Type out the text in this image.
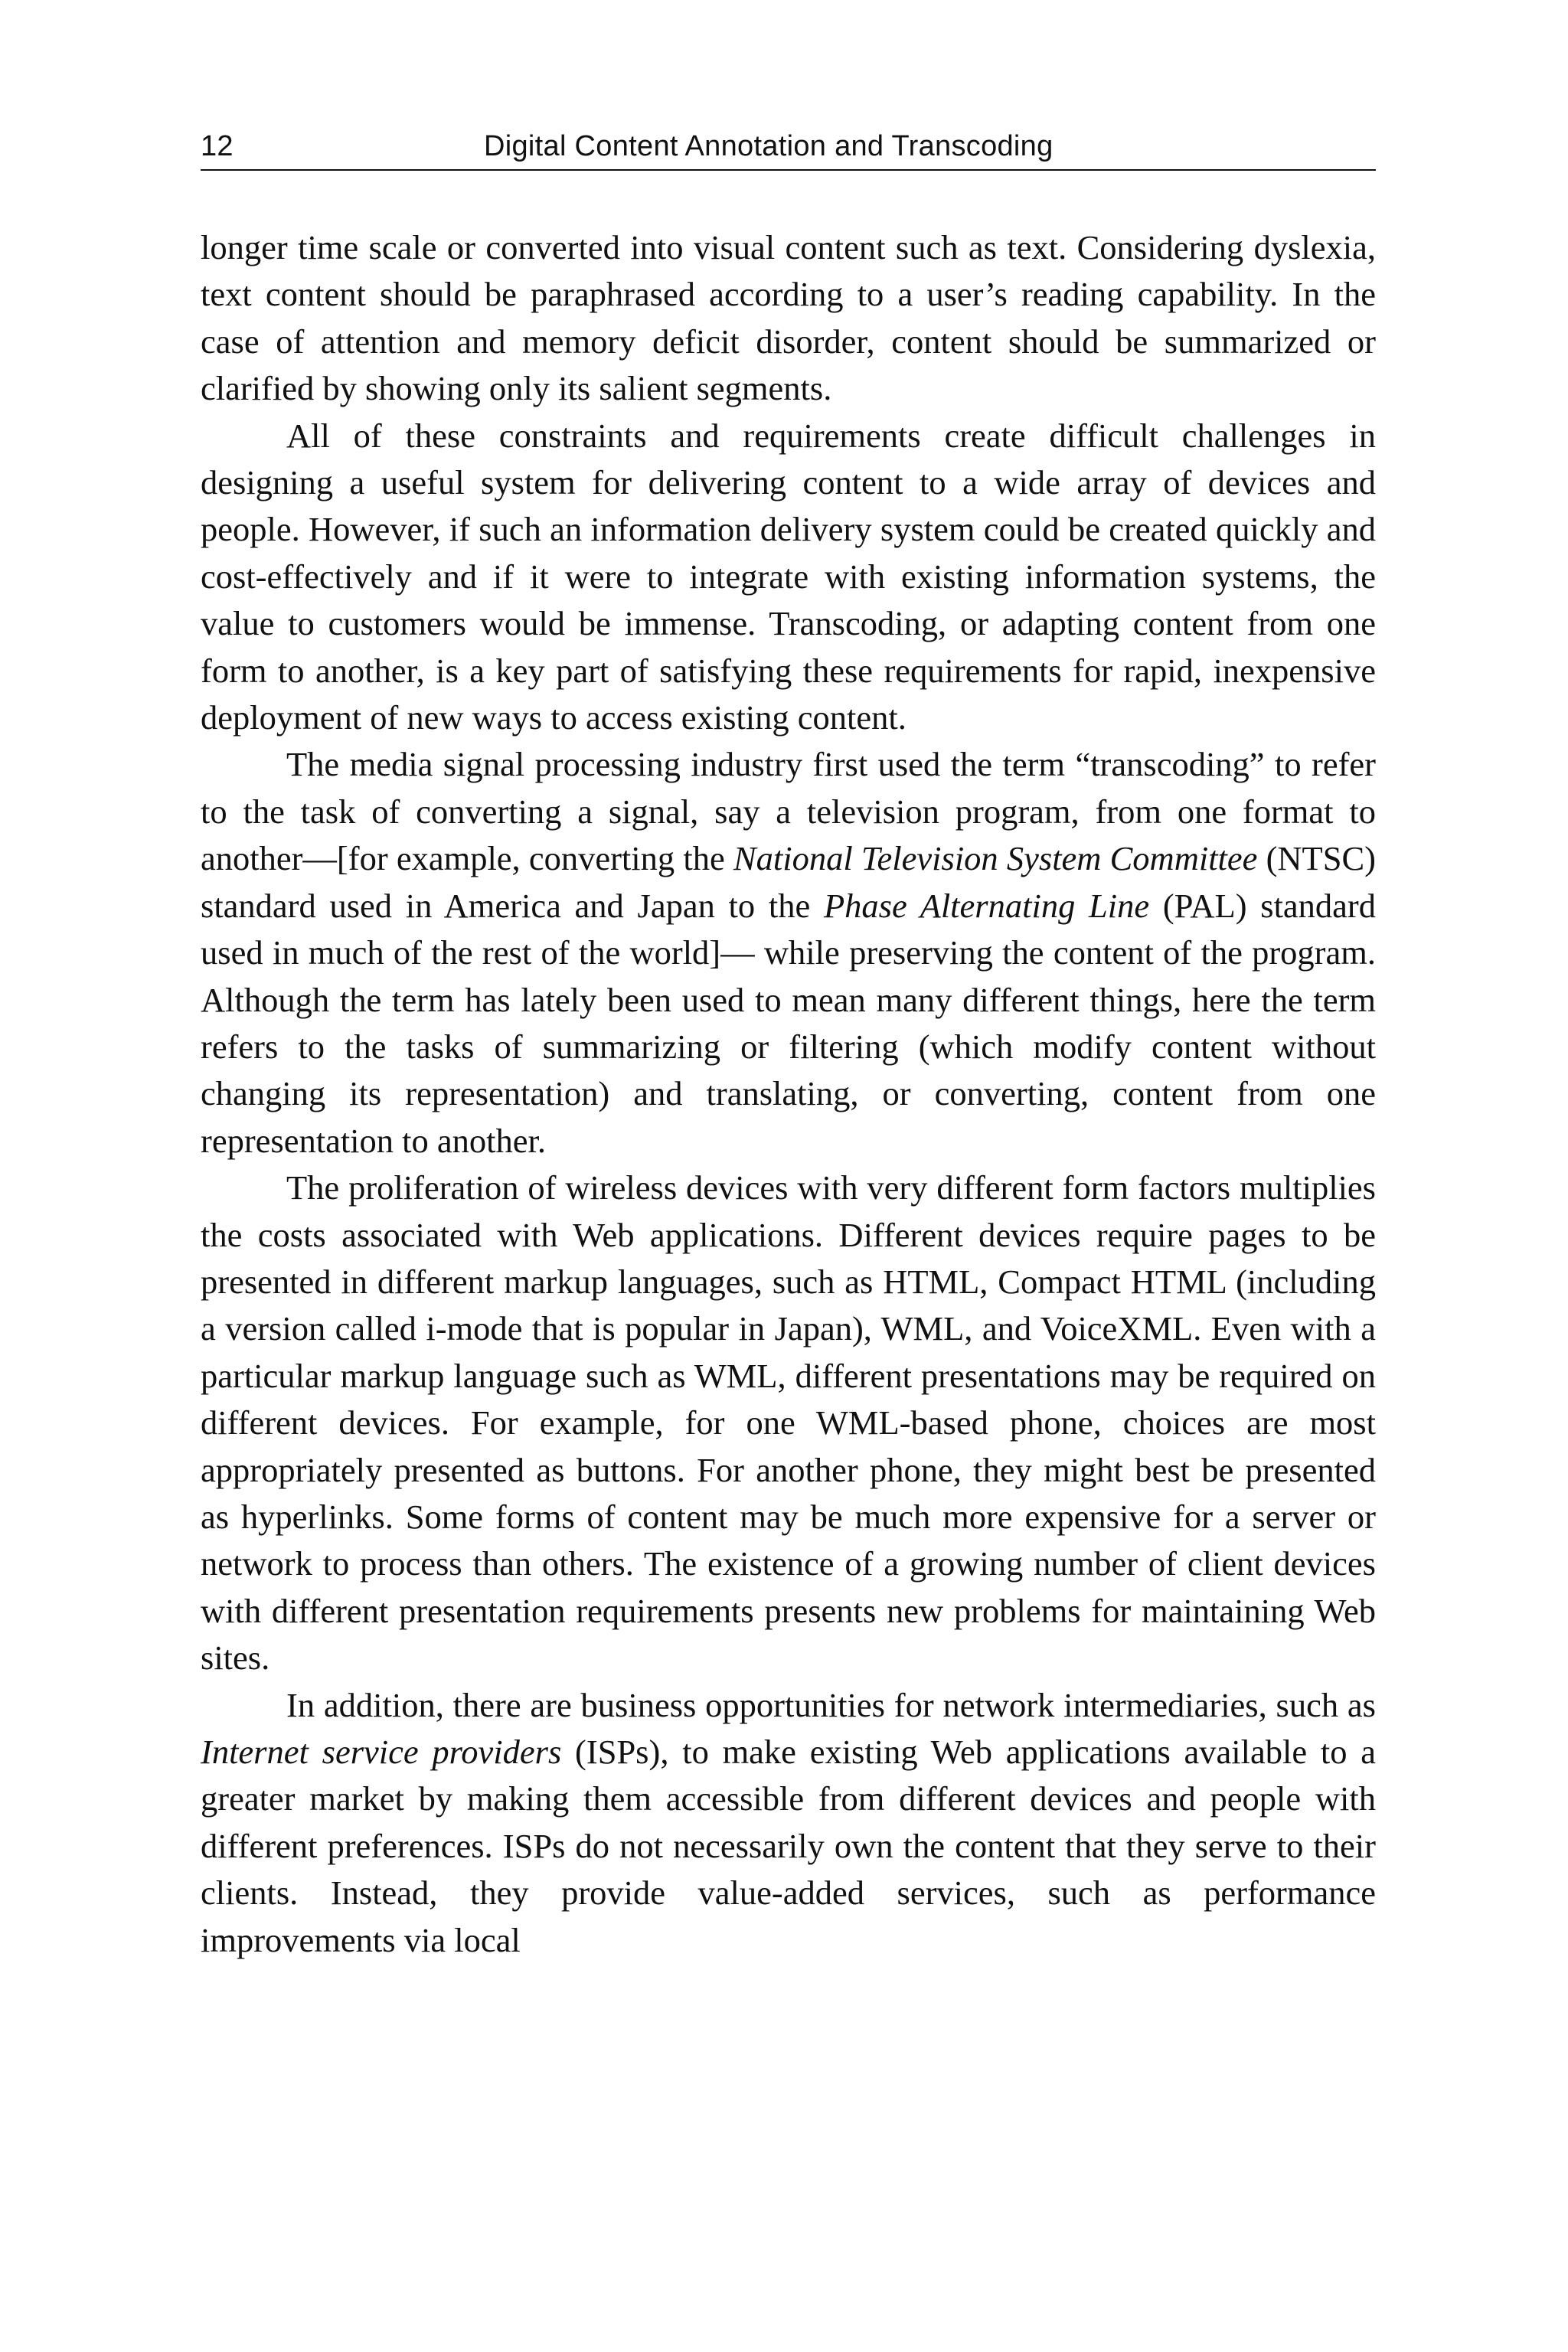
12	Digital Content Annotation and Transcoding

longer time scale or converted into visual content such as text. Considering dyslexia, text content should be paraphrased according to a user’s reading capability. In the case of attention and memory deficit disorder, content should be summarized or clarified by showing only its salient segments.

All of these constraints and requirements create difficult challenges in designing a useful system for delivering content to a wide array of devices and people. However, if such an information delivery system could be created quickly and cost-effectively and if it were to integrate with existing information systems, the value to customers would be immense. Transcoding, or adapting content from one form to another, is a key part of satisfying these requirements for rapid, inexpensive deployment of new ways to access existing content.

The media signal processing industry first used the term “transcoding” to refer to the task of converting a signal, say a television program, from one format to another—[for example, converting the National Television System Committee (NTSC) standard used in America and Japan to the Phase Alternating Line (PAL) standard used in much of the rest of the world]— while preserving the content of the program. Although the term has lately been used to mean many different things, here the term refers to the tasks of summarizing or filtering (which modify content without changing its representation) and translating, or converting, content from one representation to another.

The proliferation of wireless devices with very different form factors multiplies the costs associated with Web applications. Different devices require pages to be presented in different markup languages, such as HTML, Compact HTML (including a version called i-mode that is popular in Japan), WML, and VoiceXML. Even with a particular markup language such as WML, different presentations may be required on different devices. For example, for one WML-based phone, choices are most appropriately presented as buttons. For another phone, they might best be presented as hyperlinks. Some forms of content may be much more expensive for a server or network to process than others. The existence of a growing number of client devices with different presentation requirements presents new problems for maintaining Web sites.

In addition, there are business opportunities for network intermediaries, such as Internet service providers (ISPs), to make existing Web applications available to a greater market by making them accessible from different devices and people with different preferences. ISPs do not necessarily own the content that they serve to their clients. Instead, they provide value-added services, such as performance improvements via local
